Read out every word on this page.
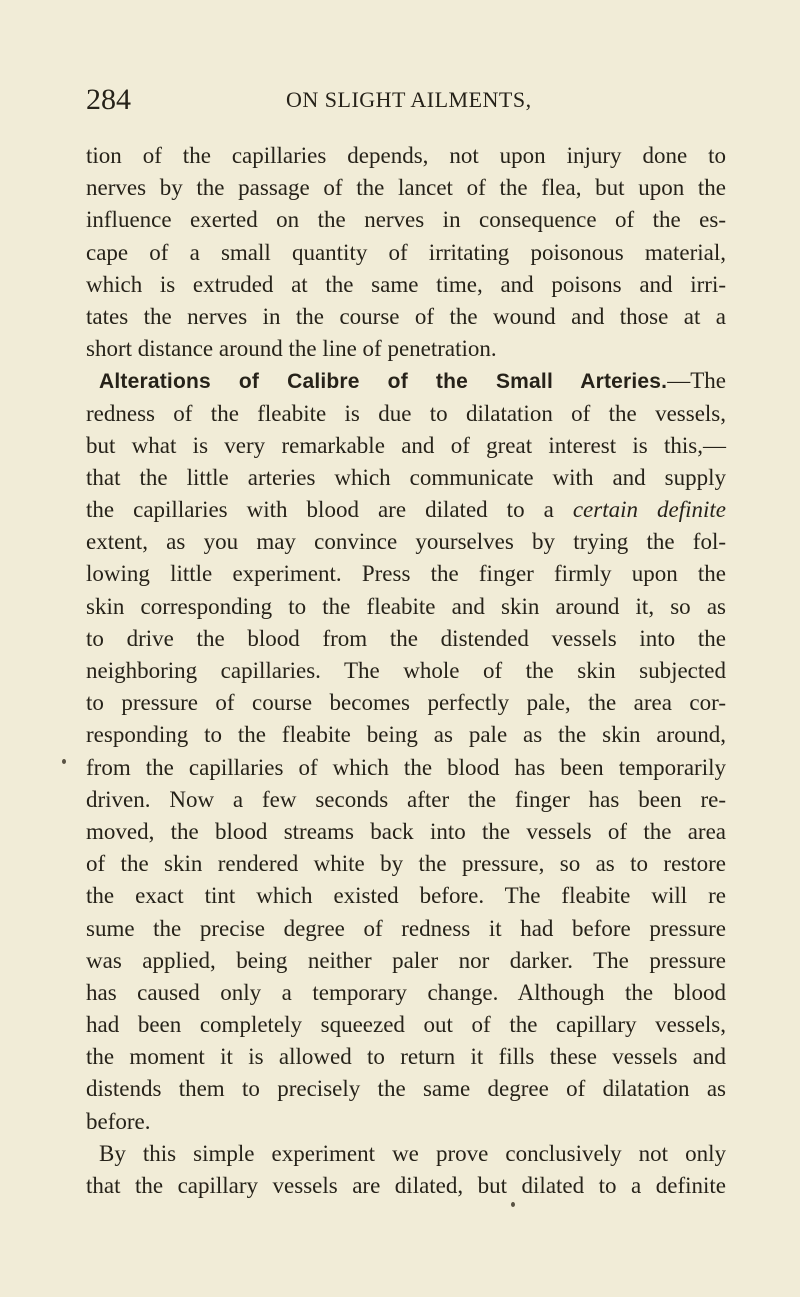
284	ON SLIGHT AILMENTS,
tion of the capillaries depends, not upon injury done to
nerves by the passage of the lancet of the flea, but upon the
influence exerted on the nerves in consequence of the es-
cape of a small quantity of irritating poisonous material,
which is extruded at the same time, and poisons and irri-
tates the nerves in the course of the wound and those at a
short distance around the line of penetration.
Alterations of Calibre of the Small Arteries.—The
redness of the fleabite is due to dilatation of the vessels,
but what is very remarkable and of great interest is this,—
that the little arteries which communicate with and supply
the capillaries with blood are dilated to a certain definite
extent, as you may convince yourselves by trying the fol-
lowing little experiment. Press the finger firmly upon the
skin corresponding to the fleabite and skin around it, so as
to drive the blood from the distended vessels into the
neighboring capillaries. The whole of the skin subjected
to pressure of course becomes perfectly pale, the area cor-
responding to the fleabite being as pale as the skin around,
from the capillaries of which the blood has been temporarily
driven. Now a few seconds after the finger has been re-
moved, the blood streams back into the vessels of the area
of the skin rendered white by the pressure, so as to restore
the exact tint which existed before. The fleabite will re
sume the precise degree of redness it had before pressure
was applied, being neither paler nor darker. The pressure
has caused only a temporary change. Although the blood
had been completely squeezed out of the capillary vessels,
the moment it is allowed to return it fills these vessels and
distends them to precisely the same degree of dilatation as
before.
By this simple experiment we prove conclusively not only
that the capillary vessels are dilated, but dilated to a definite
